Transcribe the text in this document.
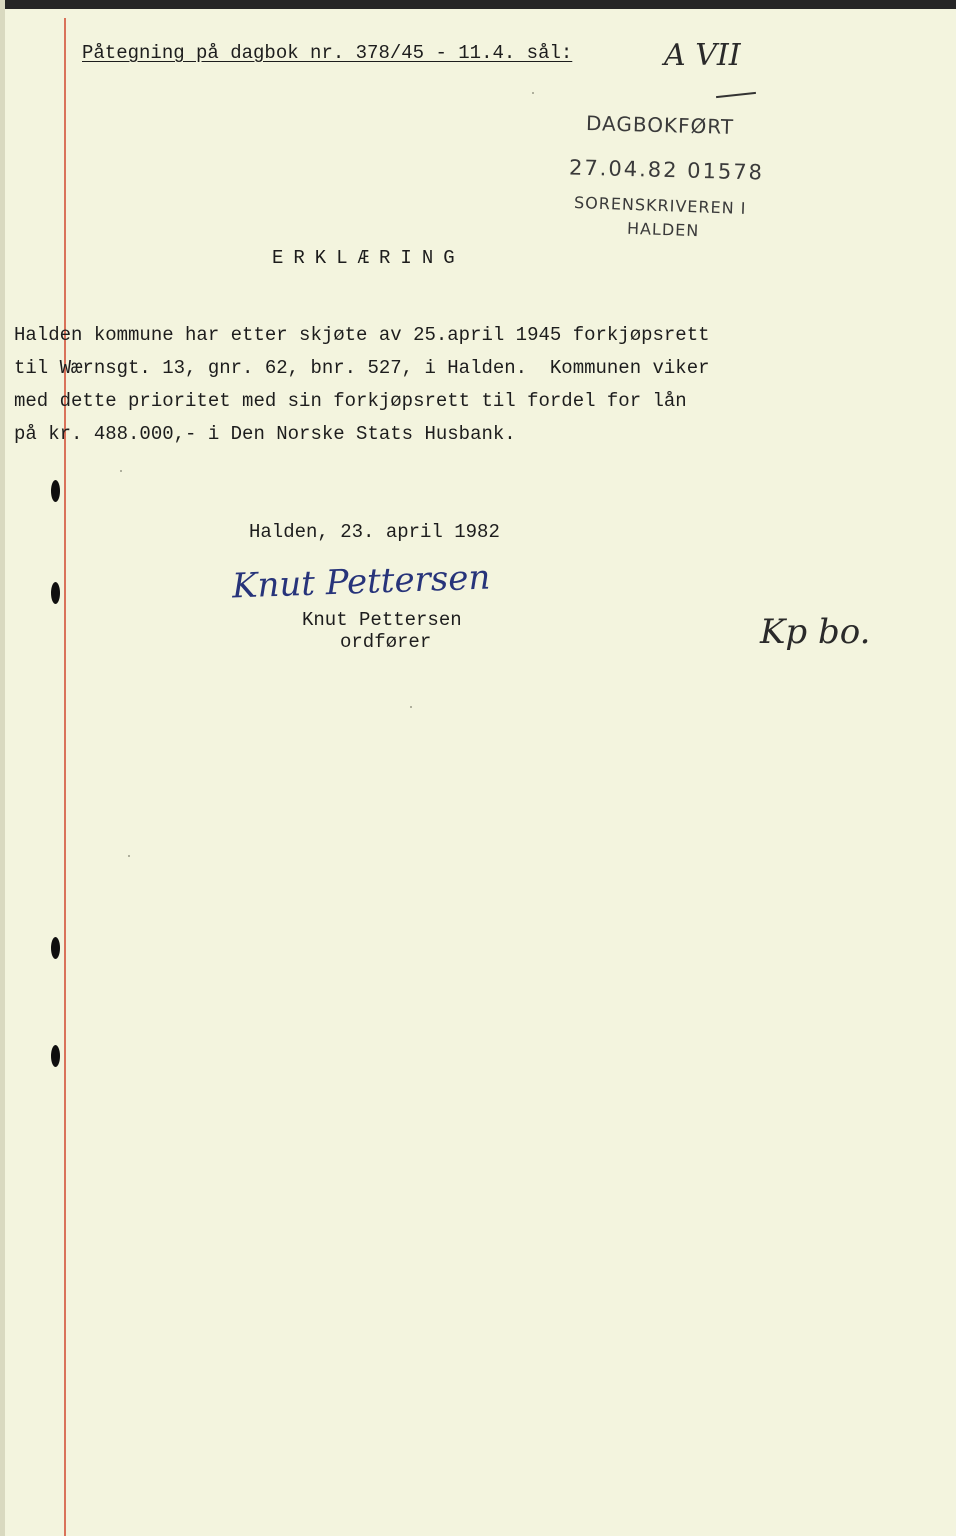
Påtegning på dagbok nr. 378/45 - 11.4. sål:	A VII
DAGBOKFØRT
27.04.82 01578
SORENSKRIVEREN I
HALDEN
ERKLÆRING
Halden kommune har etter skjøte av 25.april 1945 forkjøpsrett
til Wærnsgt. 13, gnr. 62, bnr. 527, i Halden.  Kommunen viker
med dette prioritet med sin forkjøpsrett til fordel for lån
på kr. 488.000,- i Den Norske Stats Husbank.
Halden, 23. april 1982
Knut Pettersen
Knut Pettersen
ordfører	Kp bo.
